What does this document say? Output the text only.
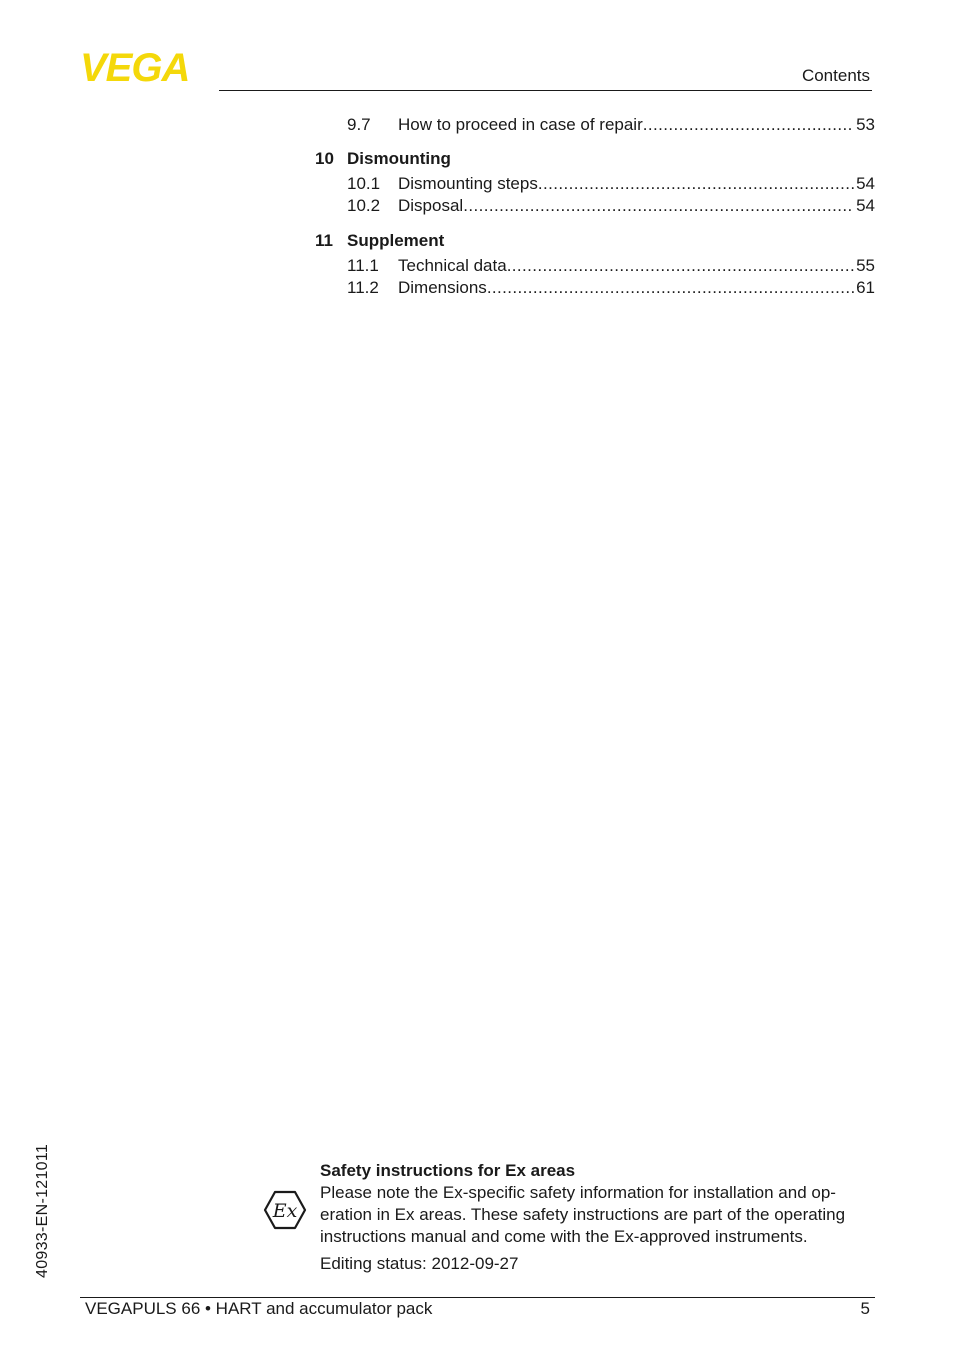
VEGA	Contents
9.7 How to proceed in case of repair .....	53
10 Dismounting
10.1 Dismounting steps .....	54
10.2 Disposal .....	54
11 Supplement
11.1 Technical data .....	55
11.2 Dimensions .....	61
40933-EN-121011	Ex
Safety instructions for Ex areas
Please note the Ex-specific safety information for installation and op-
eration in Ex areas. These safety instructions are part of the operating
instructions manual and come with the Ex-approved instruments.
Editing status: 2012-09-27
VEGAPULS 66 • HART and accumulator pack	5
